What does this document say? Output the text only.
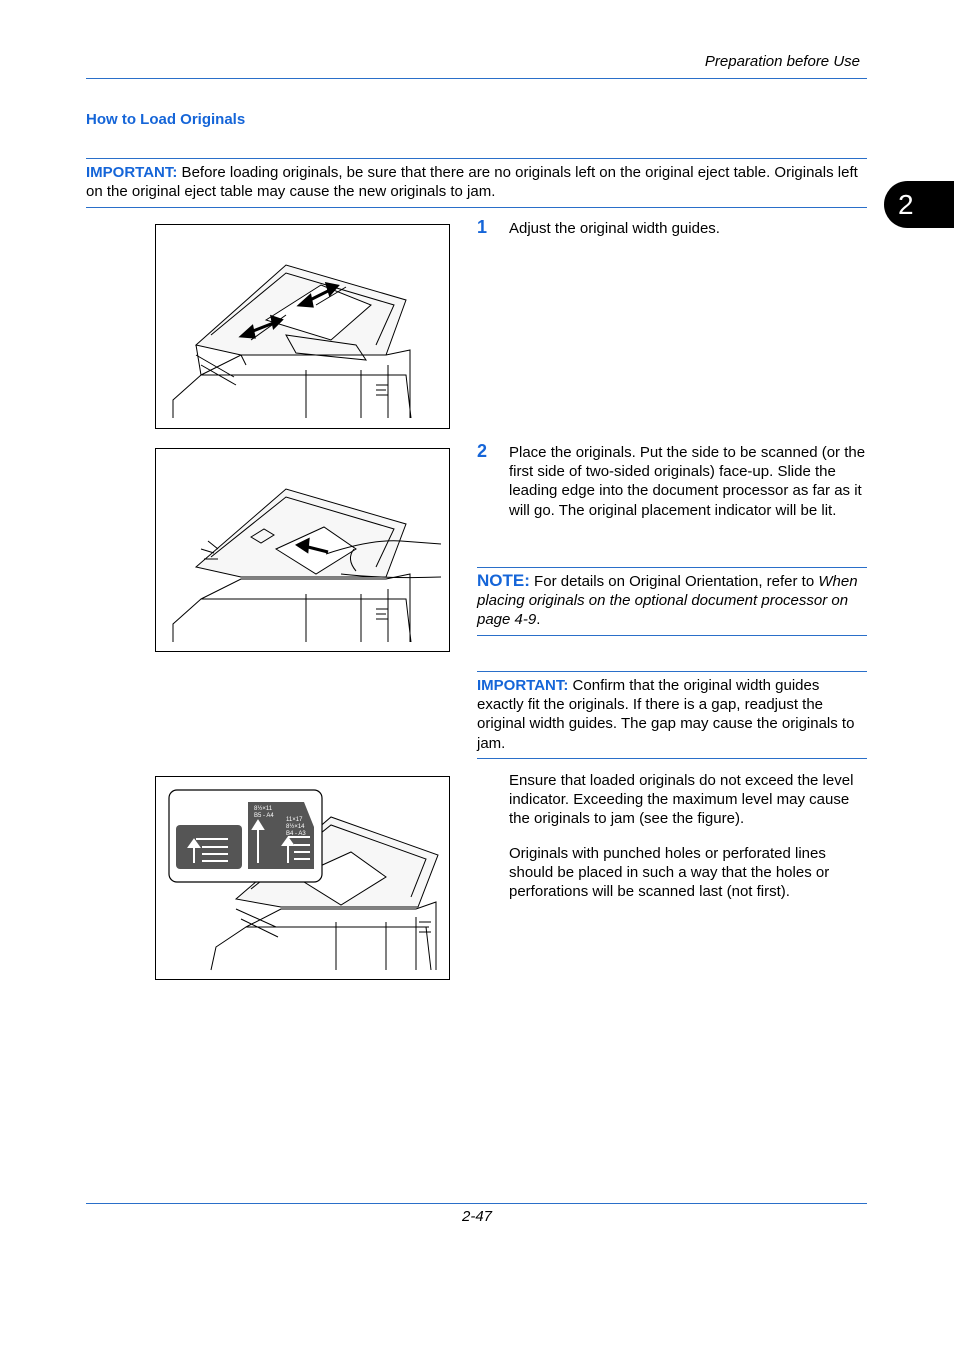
Preparation before Use
2
How to Load Originals
IMPORTANT: Before loading originals, be sure that there are no originals left on the original eject table. Originals left on the original eject table may cause the new originals to jam.
1 Adjust the original width guides.
2 Place the originals. Put the side to be scanned (or the first side of two-sided originals) face-up. Slide the leading edge into the document processor as far as it will go. The original placement indicator will be lit.
NOTE: For details on Original Orientation, refer to When placing originals on the optional document processor on page 4-9.
IMPORTANT: Confirm that the original width guides exactly fit the originals. If there is a gap, readjust the original width guides. The gap may cause the originals to jam.
8½×11
B5 - A4
11×17
8½×14
B4 - A3
Ensure that loaded originals do not exceed the level indicator. Exceeding the maximum level may cause the originals to jam (see the figure).
Originals with punched holes or perforated lines should be placed in such a way that the holes or perforations will be scanned last (not first).
2-47
